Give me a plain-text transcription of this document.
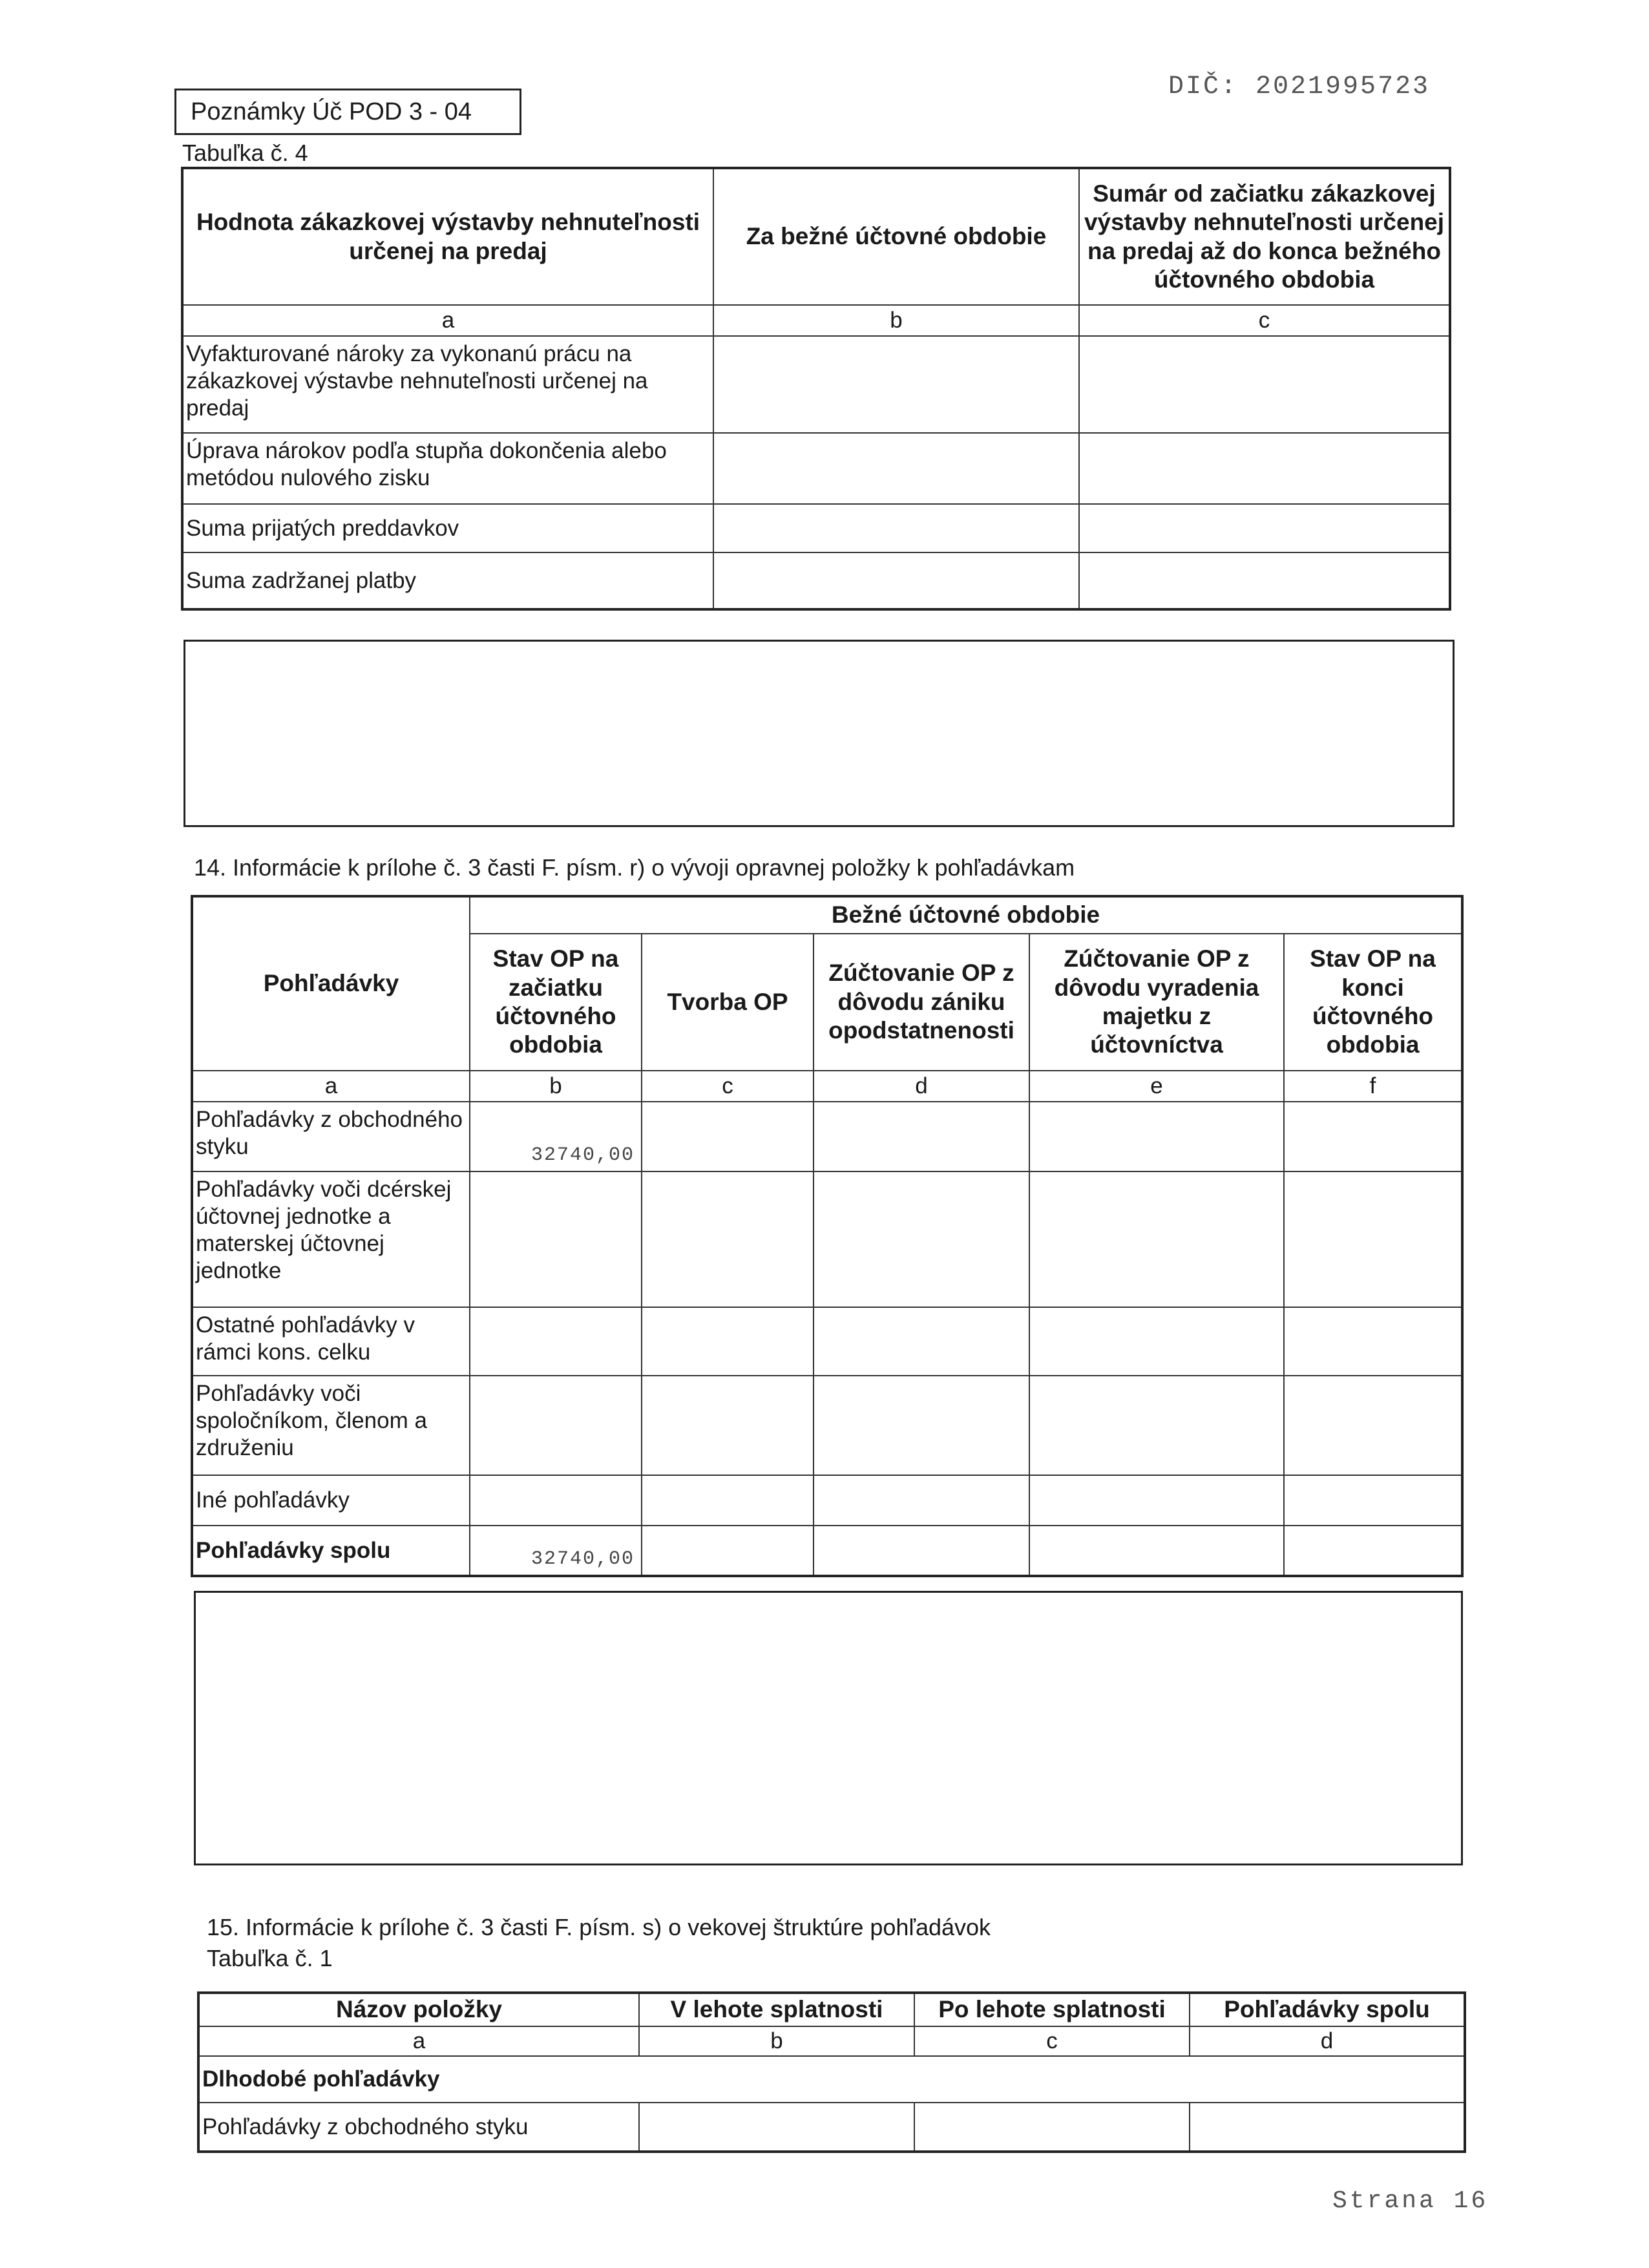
Poznámky Úč POD 3 - 04
DIČ: 2021995723
Tabuľka č. 4
Hodnota zákazkovej výstavby nehnuteľnosti určenej na predaj	Za bežné účtovné obdobie	Sumár od začiatku zákazkovej výstavby nehnuteľnosti určenej na predaj až do konca bežného účtovného obdobia
a	b	c
Vyfakturované nároky za vykonanú prácu na zákazkovej výstavbe nehnuteľnosti určenej na predaj		
Úprava nárokov podľa stupňa dokončenia alebo metódou nulového zisku		
Suma prijatých preddavkov		
Suma zadržanej platby		
14. Informácie k prílohe č. 3 časti F. písm. r) o vývoji opravnej položky k pohľadávkam
Pohľadávky	Bežné účtovné obdobie				
	Stav OP na začiatku účtovného obdobia	Tvorba OP	Zúčtovanie OP z dôvodu zániku opodstatnenosti	Zúčtovanie OP z dôvodu vyradenia majetku z účtovníctva	Stav OP na konci účtovného obdobia
a	b	c	d	e	f
Pohľadávky z obchodného styku	32740,00				
Pohľadávky voči dcérskej účtovnej jednotke a materskej účtovnej jednotke					
Ostatné pohľadávky v rámci kons. celku					
Pohľadávky voči spoločníkom, členom a združeniu					
Iné pohľadávky					
Pohľadávky spolu	32740,00				
15. Informácie k prílohe č. 3 časti F. písm. s) o vekovej štruktúre pohľadávok
Tabuľka č. 1
Názov položky	V lehote splatnosti	Po lehote splatnosti	Pohľadávky spolu
a	b	c	d
Dlhodobé pohľadávky			
Pohľadávky z obchodného styku			
Strana 16
